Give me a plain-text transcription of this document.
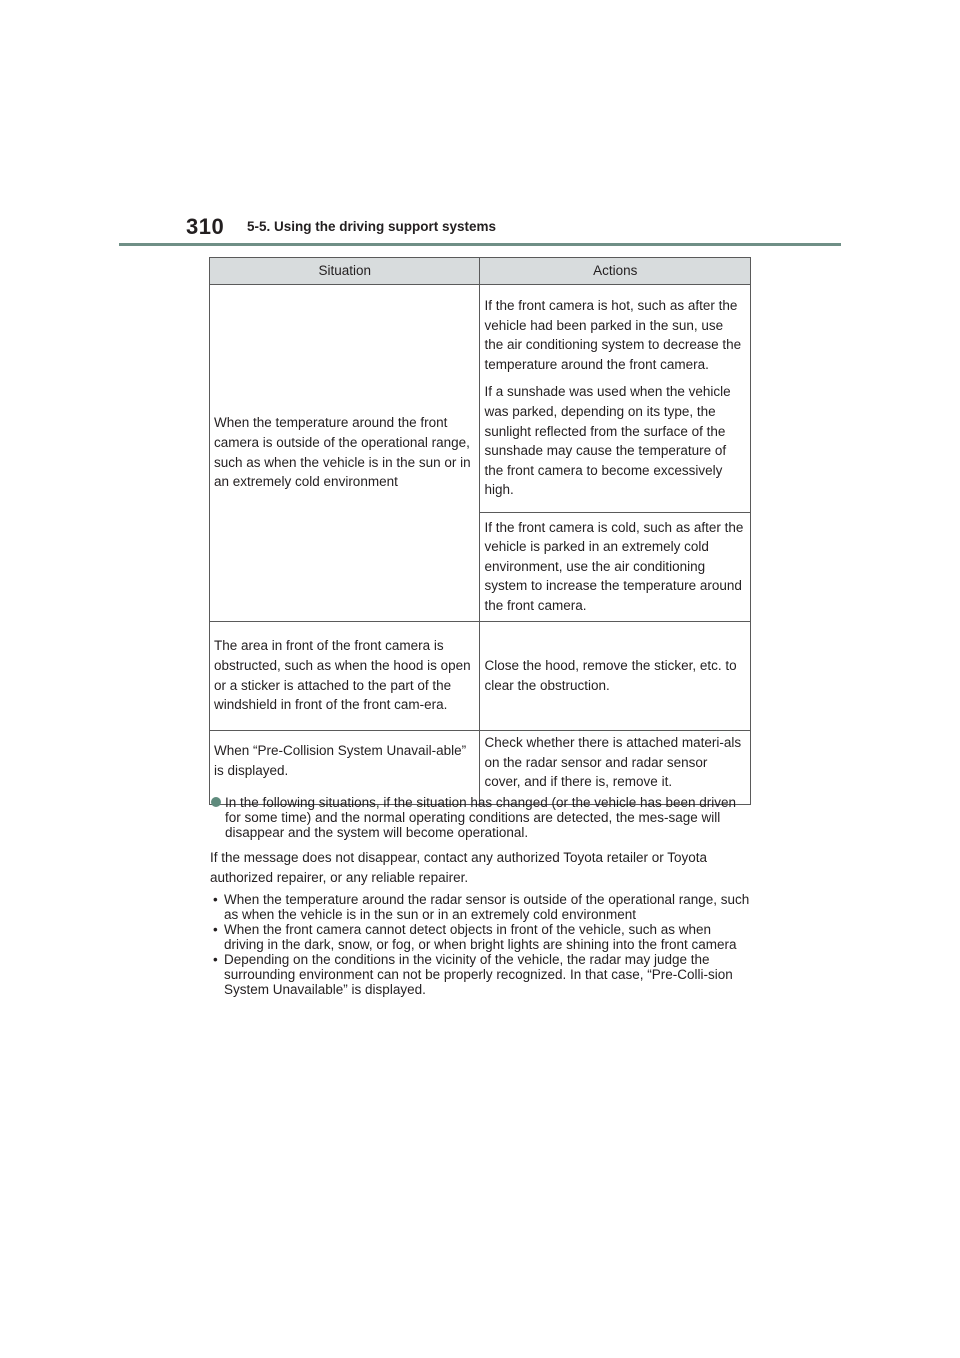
310 5-5. Using the driving support systems
Situation	Actions
When the temperature around the front camera is outside of the operational range, such as when the vehicle is in the sun or in an extremely cold environment	If the front camera is hot, such as after the vehicle had been parked in the sun, use the air conditioning system to decrease the temperature around the front camera.

If a sunshade was used when the vehicle was parked, depending on its type, the sunlight reflected from the surface of the sunshade may cause the temperature of the front camera to become excessively high.

	If the front camera is cold, such as after the vehicle is parked in an extremely cold environment, use the air conditioning system to increase the temperature around the front camera.
The area in front of the front camera is obstructed, such as when the hood is open or a sticker is attached to the part of the windshield in front of the front cam-era.	Close the hood, remove the sticker, etc. to clear the obstruction.
When “Pre-Collision System Unavail-able” is displayed.	Check whether there is attached materi-als on the radar sensor and radar sensor cover, and if there is, remove it.
In the following situations, if the situation has changed (or the vehicle has been driven for some time) and the normal operating conditions are detected, the mes-sage will disappear and the system will become operational.
If the message does not disappear, contact any authorized Toyota retailer or Toyota authorized repairer, or any reliable repairer.
• When the temperature around the radar sensor is outside of the operational range, such as when the vehicle is in the sun or in an extremely cold environment
• When the front camera cannot detect objects in front of the vehicle, such as when driving in the dark, snow, or fog, or when bright lights are shining into the front camera
• Depending on the conditions in the vicinity of the vehicle, the radar may judge the surrounding environment can not be properly recognized. In that case, “Pre-Colli-sion System Unavailable” is displayed.
